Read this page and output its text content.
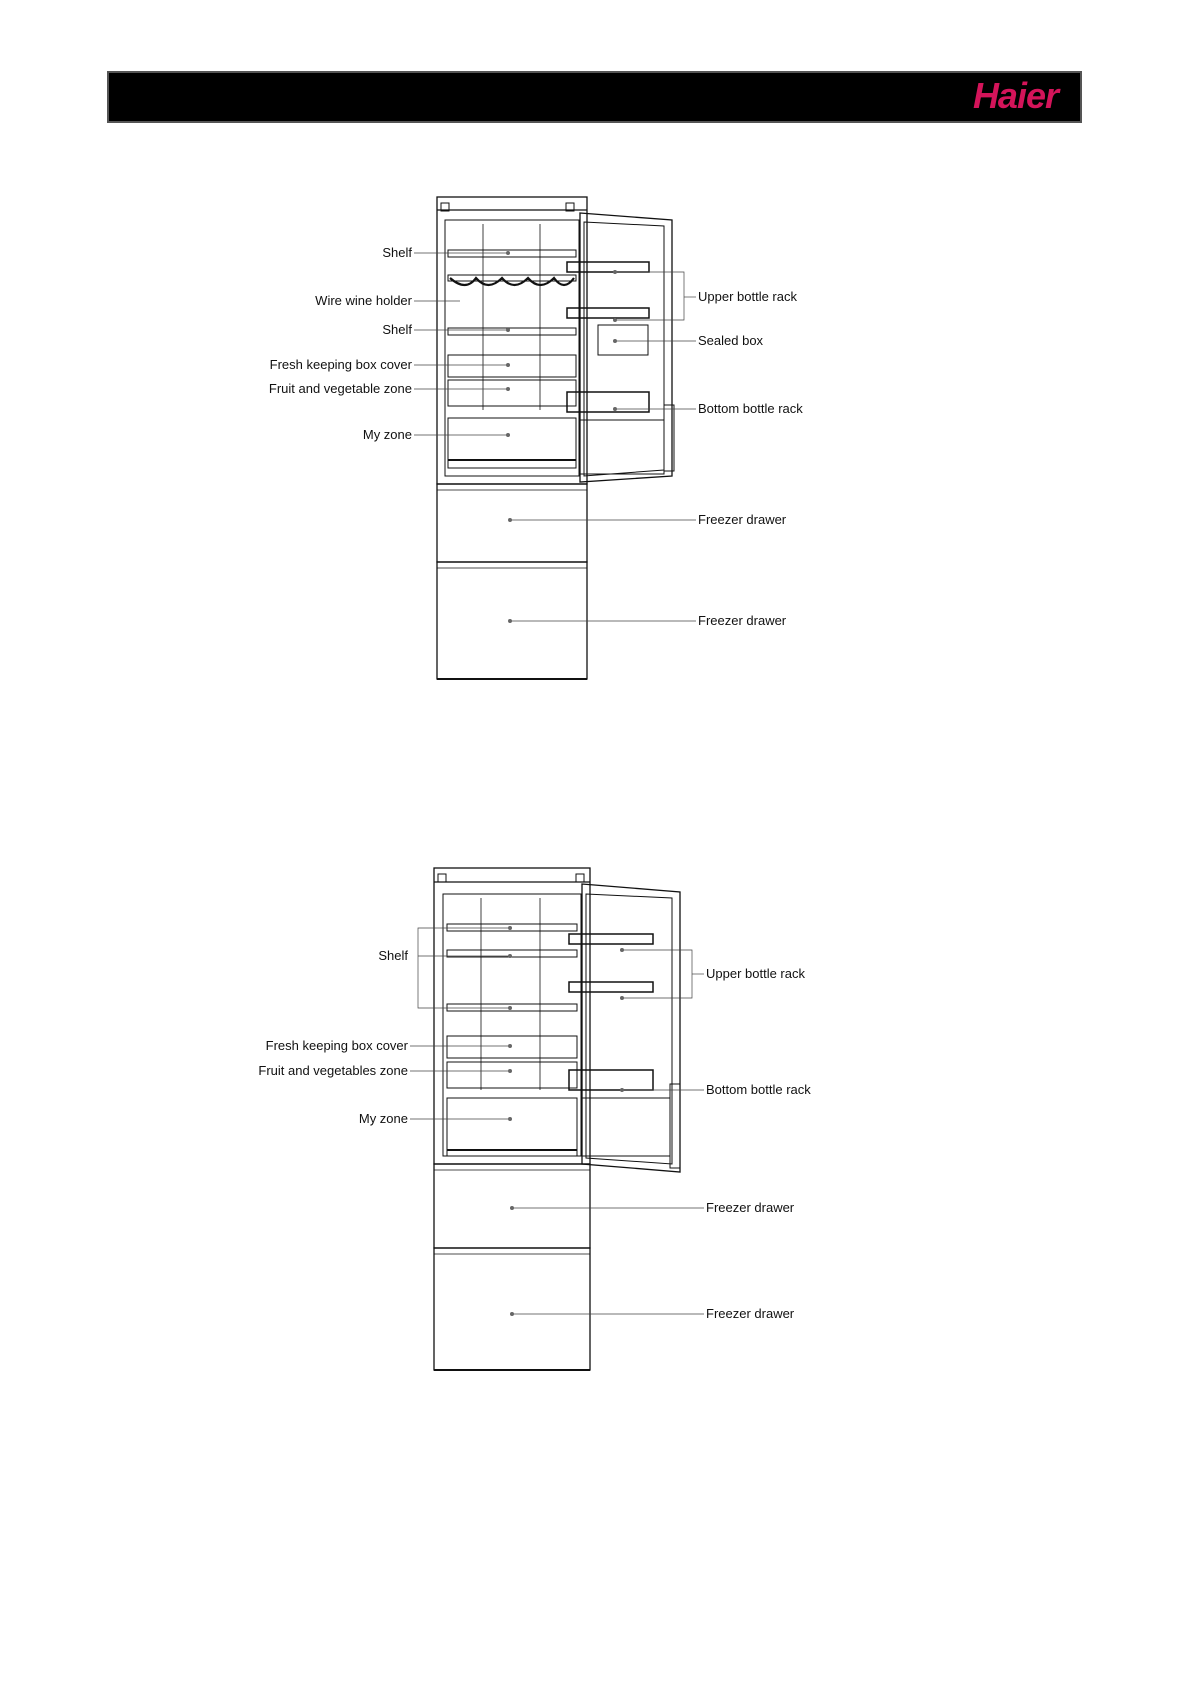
Haier
Shelf
Wire wine holder
Shelf
Fresh keeping box cover
Fruit and vegetable zone
My zone
Upper bottle rack
Sealed box
Bottom bottle rack
Freezer drawer
Freezer drawer
Shelf
Fresh keeping box cover
Fruit and vegetables zone
My zone
Upper bottle rack
Bottom bottle rack
Freezer drawer
Freezer drawer
